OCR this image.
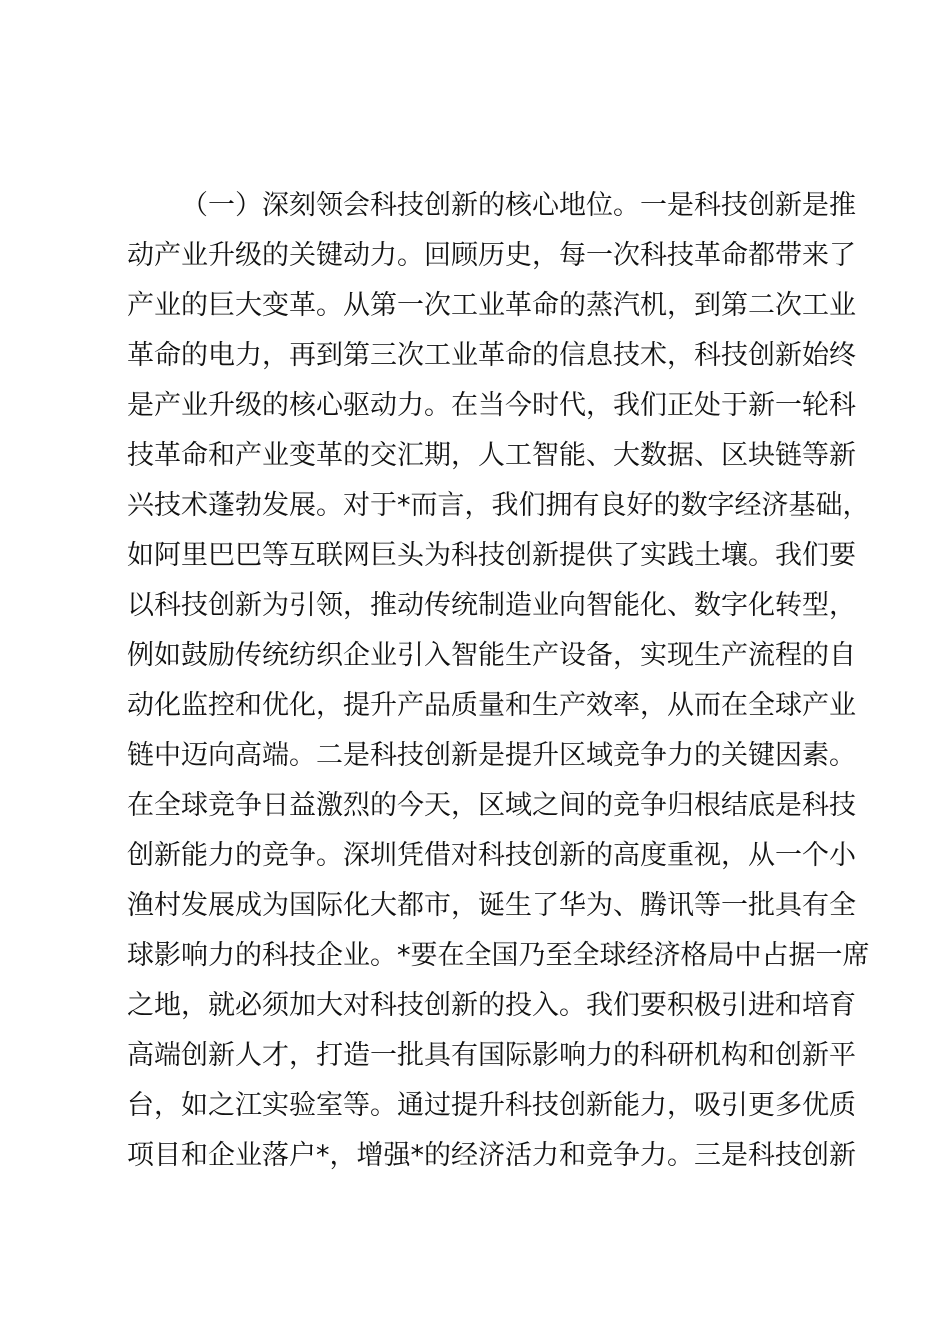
（一）深刻领会科技创新的核心地位。一是科技创新是推
动产业升级的关键动力。回顾历史，每一次科技革命都带来了
产业的巨大变革。从第一次工业革命的蒸汽机，到第二次工业
革命的电力，再到第三次工业革命的信息技术，科技创新始终
是产业升级的核心驱动力。在当今时代，我们正处于新一轮科
技革命和产业变革的交汇期，人工智能、大数据、区块链等新
兴技术蓬勃发展。对于*而言，我们拥有良好的数字经济基础，
如阿里巴巴等互联网巨头为科技创新提供了实践土壤。我们要
以科技创新为引领，推动传统制造业向智能化、数字化转型，
例如鼓励传统纺织企业引入智能生产设备，实现生产流程的自
动化监控和优化，提升产品质量和生产效率，从而在全球产业
链中迈向高端。二是科技创新是提升区域竞争力的关键因素。
在全球竞争日益激烈的今天，区域之间的竞争归根结底是科技
创新能力的竞争。深圳凭借对科技创新的高度重视，从一个小
渔村发展成为国际化大都市，诞生了华为、腾讯等一批具有全
球影响力的科技企业。*要在全国乃至全球经济格局中占据一席
之地，就必须加大对科技创新的投入。我们要积极引进和培育
高端创新人才，打造一批具有国际影响力的科研机构和创新平
台，如之江实验室等。通过提升科技创新能力，吸引更多优质
项目和企业落户*，增强*的经济活力和竞争力。三是科技创新
